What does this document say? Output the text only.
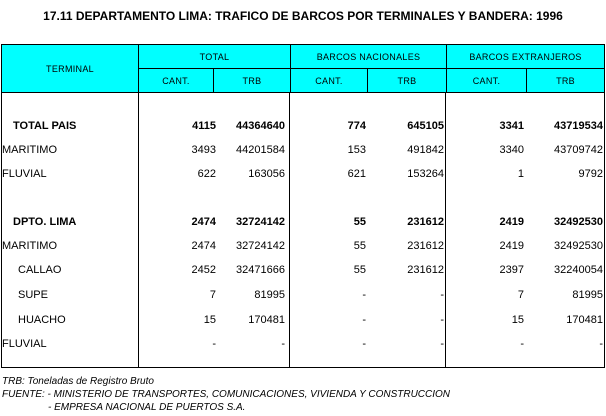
17.11 DEPARTAMENTO LIMA: TRAFICO DE BARCOS POR TERMINALES Y BANDERA: 1996
TERMINAL	TOTAL		BARCOS NACIONALES		BARCOS EXTRANJEROS	
	CANT.	TRB	CANT.	TRB	CANT.	TRB
TOTAL PAIS	4115 44364640	774	645105	3341	43719534
MARITIMO	3493 44201584	153	491842	3340	43709742
FLUVIAL	622	163056	621	153264	1	9792
DPTO. LIMA	2474 32724142	55	231612	2419	32492530
MARITIMO	2474 32724142	55	231612	2419	32492530
CALLAO	2452 32471666	55	231612	2397	32240054
SUPE	7	81995	-	-	7	81995
HUACHO	15	170481	-	-	15	170481
FLUVIAL	-	-	-	-	-	-
TRB: Toneladas de Registro Bruto
FUENTE: - MINISTERIO DE TRANSPORTES, COMUNICACIONES, VIVIENDA Y CONSTRUCCION
- EMPRESA NACIONAL DE PUERTOS S.A.
